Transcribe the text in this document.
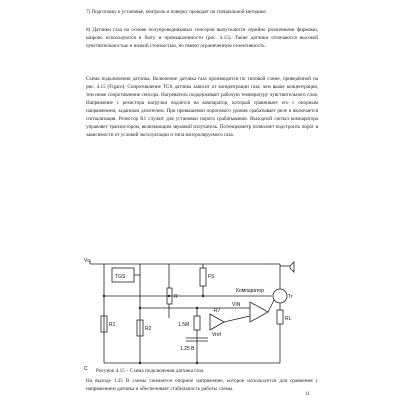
7) Подготовку к установке, контроль и поверку проводят по специальной методике.

8) Датчики газа на основе полупроводниковых сенсоров выпускаются серийно различными фирмами, широко используются в быту и промышленности (рис. 4.15). Такие датчики отличаются высокой чувствительностью и низкой стоимостью, но имеют ограниченную селективность.

Схема подключения датчика. Включение датчика газа производится по типовой схеме, приведённой на рис. 4.15 (Figaro). Сопротивление TGS датчика зависит от концентрации газа: чем выше концентрация, тем ниже сопротивление сенсора. Нагреватель поддерживает рабочую температуру чувствительного слоя. Напряжение с резистора нагрузки подаётся на компаратор, который сравнивает его с опорным напряжением, заданным делителем. При превышении порогового уровня срабатывает реле и включается сигнализация. Резистор R1 служит для установки порога срабатывания. Выходной сигнал компаратора управляет транзистором, включающим звуковой излучатель. Потенциометр позволяет подстроить порог в зависимости от условий эксплуатации и типа контролируемого газа.

Vc
TGS	FS
R
Компаратор
VIN
R1
R2
1.5M
1.25 В
Vref
R7
Tr
RL
C Рисунок 4.15 – Схема подключения датчика газа

На выходе 1.25 В схемы снимается опорное напряжение, которое используется для сравнения с напряжением датчика и обеспечивает стабильность работы схемы.

11
